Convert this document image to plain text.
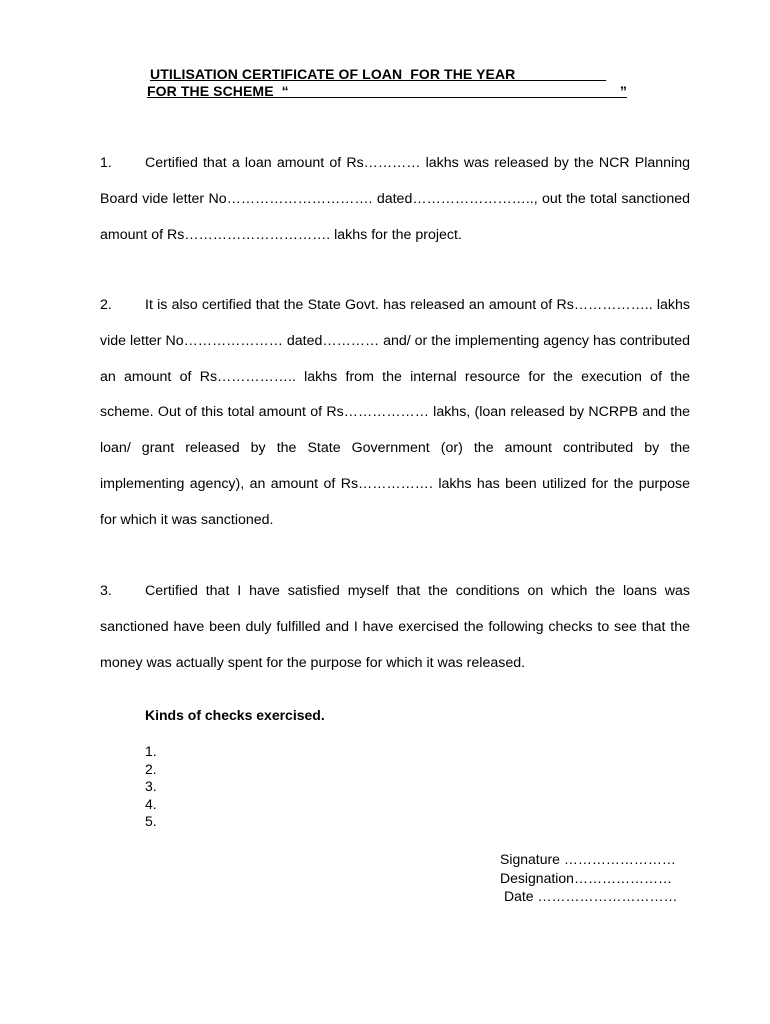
UTILISATION CERTIFICATE OF LOAN  FOR THE YEAR ___________
FOR THE SCHEME  “__________________________________________”
1. Certified that a loan amount of Rs………… lakhs was released by the NCR Planning Board vide letter No…………………………. dated…………………….., out the total sanctioned amount of Rs…………………………. lakhs for the project.
2. It is also certified that the State Govt. has released an amount of Rs…………….. lakhs vide letter No………………… dated………… and/ or the implementing agency has contributed an amount of Rs…………….. lakhs from the internal resource for the execution of the scheme. Out of this total amount of Rs……………… lakhs, (loan released by NCRPB and the loan/ grant released by the State Government (or) the amount contributed by the implementing agency), an amount of Rs……………. lakhs has been utilized for the purpose for which it was sanctioned.
3. Certified that I have satisfied myself that the conditions on which the loans was sanctioned have been duly fulfilled and I have exercised the following checks to see that the money was actually spent for the purpose for which it was released.
Kinds of checks exercised.
1.
2.
3.
4.
5.
Signature ……………………
Designation…………………
Date …………………………
